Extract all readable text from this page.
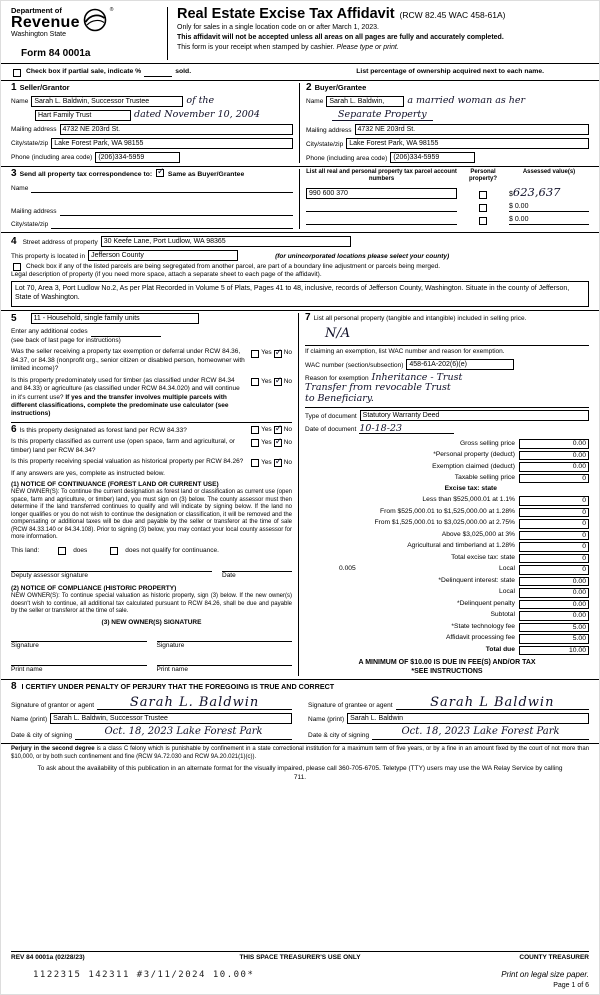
Department of
Revenue
Washington State
®
Form 84 0001a
Real Estate Excise Tax Affidavit (RCW 82.45 WAC 458-61A)
Only for sales in a single location code on or after March 1, 2023.
This affidavit will not be accepted unless all areas on all pages are fully and accurately completed.
This form is your receipt when stamped by cashier. Please type or print.
Check box if partial sale, indicate %	sold.	List percentage of ownership acquired next to each name.
1 Seller/Grantor
Name Sarah L. Baldwin, Successor Trustee	of the
Hart Family Trust	dated November 10, 2004
Mailing address 4732 NE 203rd St.
City/state/zip Lake Forest Park, WA 98155
Phone (including area code) (206)334-5959
2 Buyer/Grantee
Name Sarah L. Baldwin,	a married woman as her
Separate Property
Mailing address 4732 NE 203rd St.
City/state/zip Lake Forest Park, WA 98155
Phone (including area code) (206)334-5959
3 Send all property tax correspondence to: ✓ Same as Buyer/Grantee
Name
Mailing address
City/state/zip
List all real and personal property tax parcel account numbers
Personal property?
Assessed value(s)
990 600 370	$ 623,637
$ 0.00
$ 0.00
4 Street address of property 30 Keefe Lane, Port Ludlow, WA 98365
This property is located in Jefferson County	(for unincorporated locations please select your county)
Check box if any of the listed parcels are being segregated from another parcel, are part of a boundary line adjustment or parcels being merged.
Legal description of property (if you need more space, attach a separate sheet to each page of the affidavit).
Lot 70, Area 3, Port Ludlow No.2, As per Plat Recorded in Volume 5 of Plats, Pages 41 to 48, inclusive, records of Jefferson County, Washington. Situate in the county of Jefferson, State of Washington.
5	11 - Household, single family units
Enter any additional codes
(see back of last page for instructions)
Was the seller receiving a property tax exemption or deferral under RCW 84.36, 84.37, or 84.38 (nonprofit org., senior citizen or disabled person, homeowner with limited income)?
Yes ✓ No
Is this property predominately used for timber (as classified under RCW 84.34 and 84.33) or agriculture (as classified under RCW 84.34.020) and will continue in it's current use? If yes and the transfer involves multiple parcels with different classifications, complete the predominate use calculator (see instructions)
Yes ✓ No
6 Is this property designated as forest land per RCW 84.33?	Yes ✓ No
Is this property classified as current use (open space, farm and agricultural, or timber) land per RCW 84.34?
Yes ✓ No
Is this property receiving special valuation as historical property per RCW 84.26?	Yes ✓ No
If any answers are yes, complete as instructed below.
(1) NOTICE OF CONTINUANCE (FOREST LAND OR CURRENT USE)
NEW OWNER(S): To continue the current designation as forest land or classification as current use (open space, farm and agriculture, or timber) land, you must sign on (3) below. The county assessor must then determine if the land transferred continues to qualify and will indicate by signing below. If the land no longer qualifies or you do not wish to continue the designation or classification, it will be removed and the compensating or additional taxes will be due and payable by the seller or transferor at the time of sale (RCW 84.33.140 or 84.34.108). Prior to signing (3) below, you may contact your local county assessor for more information.
This land:	does	does not qualify for continuance.
Deputy assessor signature	Date
(2) NOTICE OF COMPLIANCE (HISTORIC PROPERTY)
NEW OWNER(S): To continue special valuation as historic property, sign (3) below. If the new owner(s) doesn't wish to continue, all additional tax calculated pursuant to RCW 84.26, shall be due and payable by the seller or transferor at the time of sale.
(3) NEW OWNER(S) SIGNATURE
Signature	Signature
Print name	Print name
7 List all personal property (tangible and intangible) included in selling price.
N/A
If claiming an exemption, list WAC number and reason for exemption.
WAC number (section/subsection) 458-61A-202(6)(e)
Reason for exemption Inheritance - Trust
Transfer from revocable Trust
to Beneficiary.
Type of document Statutory Warranty Deed
Date of document 10-18-23
Gross selling price	0.00
*Personal property (deduct)	0.00
Exemption claimed (deduct)	0.00
Taxable selling price	0
Excise tax: state
Less than $525,000.01 at 1.1%	0
From $525,000.01 to $1,525,000.00 at 1.28%	0
From $1,525,000.01 to $3,025,000.00 at 2.75%	0
Above $3,025,000 at 3%	0
Agricultural and timberland at 1.28%	0
Total excise tax: state	0
0.005	Local	0
*Delinquent interest: state	0.00
Local	0.00
*Delinquent penalty	0.00
Subtotal	0.00
*State technology fee	5.00
Affidavit processing fee	5.00
Total due	10.00
A MINIMUM OF $10.00 IS DUE IN FEE(S) AND/OR TAX
*SEE INSTRUCTIONS
8 I CERTIFY UNDER PENALTY OF PERJURY THAT THE FOREGOING IS TRUE AND CORRECT
Signature of grantor or agent	Sarah L. Baldwin
Name (print) Sarah L. Baldwin, Successor Trustee
Date & city of signing	Oct. 18, 2023 Lake Forest Park
Signature of grantee or agent	Sarah L Baldwin
Name (print) Sarah L. Baldwin
Date & city of signing	Oct. 18, 2023 Lake Forest Park
Perjury in the second degree is a class C felony which is punishable by confinement in a state correctional institution for a maximum term of five years, or by a fine in an amount fixed by the court of not more than $10,000, or by both such confinement and fine (RCW 9A.72.030 and RCW 9A.20.021(1)(c)).
To ask about the availability of this publication in an alternate format for the visually impaired, please call 360-705-6705. Teletype (TTY) users may use the WA Relay Service by calling 711.
REV 84 0001a (02/28/23)	THIS SPACE TREASURER'S USE ONLY	COUNTY TREASURER
1122315 142311 #3/11/2024 10.00*	Print on legal size paper.
Page 1 of 6
